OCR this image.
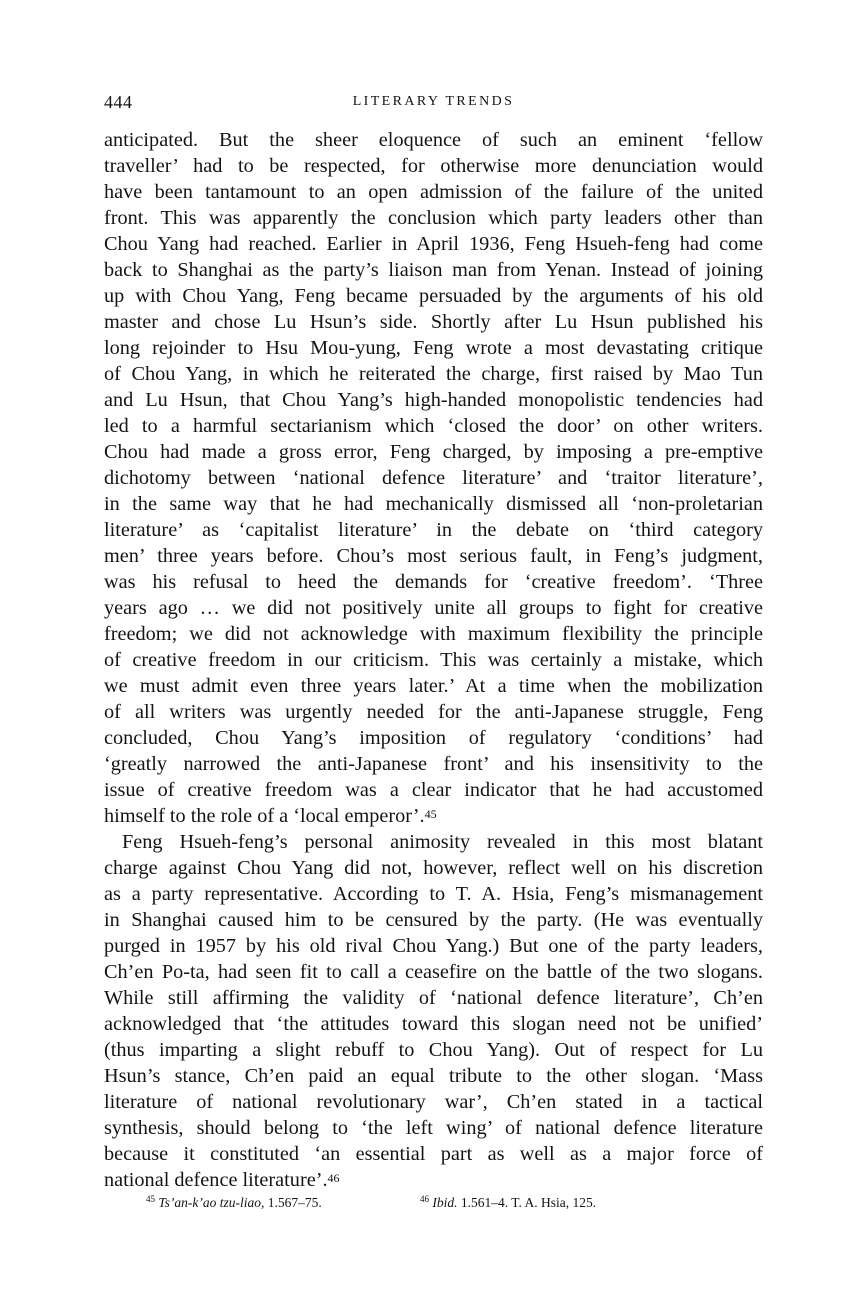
444	LITERARY TRENDS
anticipated. But the sheer eloquence of such an eminent ‘fellow
traveller’ had to be respected, for otherwise more denunciation would
have been tantamount to an open admission of the failure of the united
front. This was apparently the conclusion which party leaders other than
Chou Yang had reached. Earlier in April 1936, Feng Hsueh-feng had come
back to Shanghai as the party’s liaison man from Yenan. Instead of joining
up with Chou Yang, Feng became persuaded by the arguments of his old
master and chose Lu Hsun’s side. Shortly after Lu Hsun published his
long rejoinder to Hsu Mou-yung, Feng wrote a most devastating critique
of Chou Yang, in which he reiterated the charge, first raised by Mao Tun
and Lu Hsun, that Chou Yang’s high-handed monopolistic tendencies had
led to a harmful sectarianism which ‘closed the door’ on other writers.
Chou had made a gross error, Feng charged, by imposing a pre-emptive
dichotomy between ‘national defence literature’ and ‘traitor literature’,
in the same way that he had mechanically dismissed all ‘non-proletarian
literature’ as ‘capitalist literature’ in the debate on ‘third category
men’ three years before. Chou’s most serious fault, in Feng’s judgment,
was his refusal to heed the demands for ‘creative freedom’. ‘Three
years ago … we did not positively unite all groups to fight for creative
freedom; we did not acknowledge with maximum flexibility the principle
of creative freedom in our criticism. This was certainly a mistake, which
we must admit even three years later.’ At a time when the mobilization
of all writers was urgently needed for the anti-Japanese struggle, Feng
concluded, Chou Yang’s imposition of regulatory ‘conditions’ had
‘greatly narrowed the anti-Japanese front’ and his insensitivity to the
issue of creative freedom was a clear indicator that he had accustomed
himself to the role of a ‘local emperor’.$^{45}$
Feng Hsueh-feng’s personal animosity revealed in this most blatant
charge against Chou Yang did not, however, reflect well on his discretion
as a party representative. According to T. A. Hsia, Feng’s mismanagement
in Shanghai caused him to be censured by the party. (He was eventually
purged in 1957 by his old rival Chou Yang.) But one of the party leaders,
Ch’en Po-ta, had seen fit to call a ceasefire on the battle of the two slogans.
While still affirming the validity of ‘national defence literature’, Ch’en
acknowledged that ‘the attitudes toward this slogan need not be unified’
(thus imparting a slight rebuff to Chou Yang). Out of respect for Lu
Hsun’s stance, Ch’en paid an equal tribute to the other slogan. ‘Mass
literature of national revolutionary war’, Ch’en stated in a tactical
synthesis, should belong to ‘the left wing’ of national defence literature
because it constituted ‘an essential part as well as a major force of
national defence literature’.$^{46}$
$^{45}$ Ts’an-k’ao tzu-liao, 1.567–75.	$^{46}$ Ibid. 1.561–4. T. A. Hsia, 125.
